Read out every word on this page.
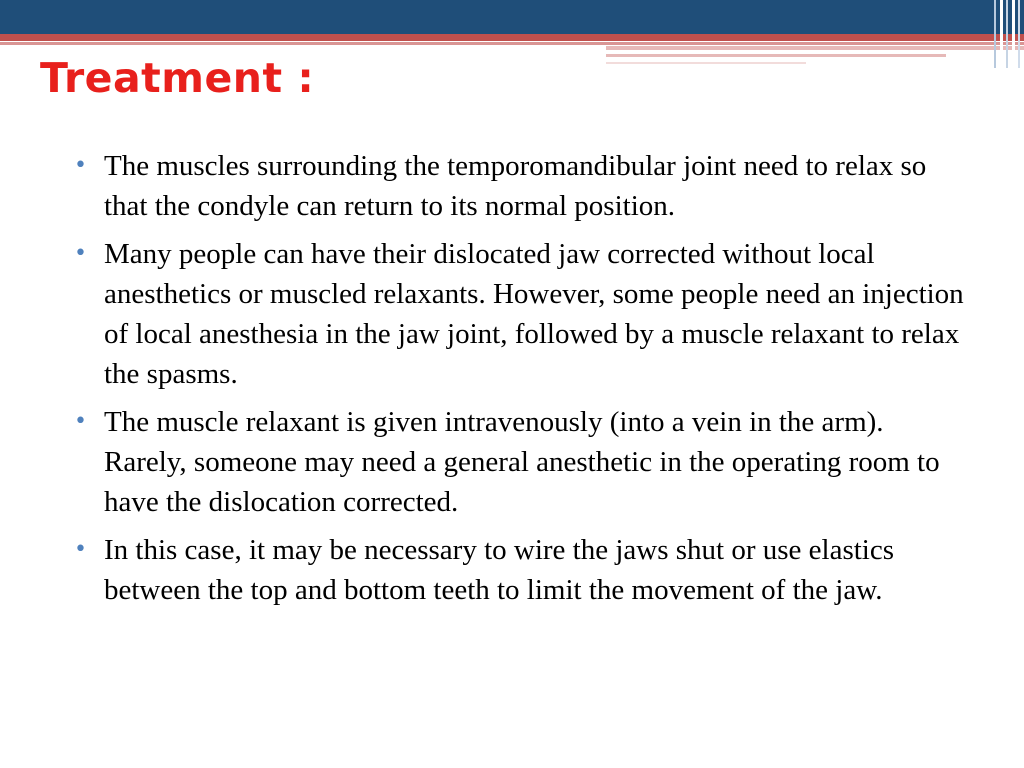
Treatment :
• The muscles surrounding the temporomandibular joint need to relax so that the condyle can return to its normal position.
• Many people can have their dislocated jaw corrected without local anesthetics or muscled relaxants. However, some people need an injection of local anesthesia in the jaw joint, followed by a muscle relaxant to relax the spasms.
• The muscle relaxant is given intravenously (into a vein in the arm). Rarely, someone may need a general anesthetic in the operating room to have the dislocation corrected.
• In this case, it may be necessary to wire the jaws shut or use elastics between the top and bottom teeth to limit the movement of the jaw.
